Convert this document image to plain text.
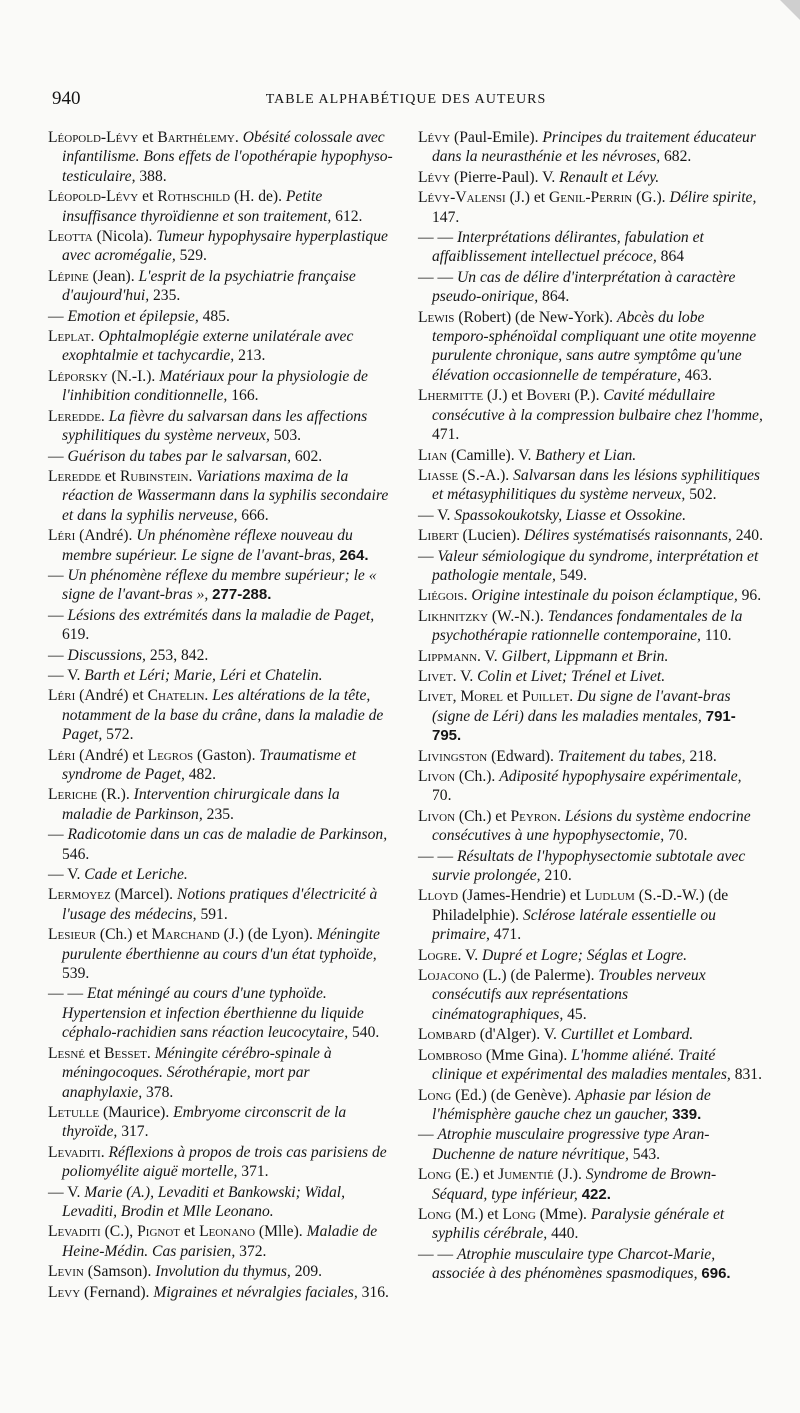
940	TABLE ALPHABÉTIQUE DES AUTEURS
Léopold-Lévy et Barthélemy. Obésité colossale avec infantilisme. Bons effets de l'opothérapie hypophyso-testiculaire, 388.
Léopold-Lévy et Rothschild (H. de). Petite insuffisance thyroïdienne et son traitement, 612.
Leotta (Nicola). Tumeur hypophysaire hyperplastique avec acromégalie, 529.
Lépine (Jean). L'esprit de la psychiatrie française d'aujourd'hui, 235.
— Emotion et épilepsie, 485.
Leplat. Ophtalmoplégie externe unilatérale avec exophtalmie et tachycardie, 213.
Léporsky (N.-I.). Matériaux pour la physiologie de l'inhibition conditionnelle, 166.
Leredde. La fièvre du salvarsan dans les affections syphilitiques du système nerveux, 503.
— Guérison du tabes par le salvarsan, 602.
Leredde et Rubinstein. Variations maxima de la réaction de Wassermann dans la syphilis secondaire et dans la syphilis nerveuse, 666.
Léri (André). Un phénomène réflexe nouveau du membre supérieur. Le signe de l'avant-bras, 264.
— Un phénomène réflexe du membre supérieur; le « signe de l'avant-bras », 277-288.
— Lésions des extrémités dans la maladie de Paget, 619.
— Discussions, 253, 842.
— V. Barth et Léri; Marie, Léri et Chatelin.
Léri (André) et Chatelin. Les altérations de la tête, notamment de la base du crâne, dans la maladie de Paget, 572.
Léri (André) et Legros (Gaston). Traumatisme et syndrome de Paget, 482.
Leriche (R.). Intervention chirurgicale dans la maladie de Parkinson, 235.
— Radicotomie dans un cas de maladie de Parkinson, 546.
— V. Cade et Leriche.
Lermoyez (Marcel). Notions pratiques d'électricité à l'usage des médecins, 591.
Lesieur (Ch.) et Marchand (J.) (de Lyon). Méningite purulente éberthienne au cours d'un état typhoïde, 539.
— — Etat méningé au cours d'une typhoïde. Hypertension et infection éberthienne du liquide céphalo-rachidien sans réaction leucocytaire, 540.
Lesné et Besset. Méningite cérébro-spinale à méningocoques. Sérothérapie, mort par anaphylaxie, 378.
Letulle (Maurice). Embryome circonscrit de la thyroïde, 317.
Levaditi. Réflexions à propos de trois cas parisiens de poliomyélite aiguë mortelle, 371.
— V. Marie (A.), Levaditi et Bankowski; Widal, Levaditi, Brodin et Mlle Leonano.
Levaditi (C.), Pignot et Leonano (Mlle). Maladie de Heine-Médin. Cas parisien, 372.
Levin (Samson). Involution du thymus, 209.
Levy (Fernand). Migraines et névralgies faciales, 316.
Lévy (Paul-Emile). Principes du traitement éducateur dans la neurasthénie et les névroses, 682.
Lévy (Pierre-Paul). V. Renault et Lévy.
Lévy-Valensi (J.) et Genil-Perrin (G.). Délire spirite, 147.
— — Interprétations délirantes, fabulation et affaiblissement intellectuel précoce, 864
— — Un cas de délire d'interprétation à caractère pseudo-onirique, 864.
Lewis (Robert) (de New-York). Abcès du lobe temporo-sphénoïdal compliquant une otite moyenne purulente chronique, sans autre symptôme qu'une élévation occasionnelle de température, 463.
Lhermitte (J.) et Boveri (P.). Cavité médullaire consécutive à la compression bulbaire chez l'homme, 471.
Lian (Camille). V. Bathery et Lian.
Liasse (S.-A.). Salvarsan dans les lésions syphilitiques et métasyphilitiques du système nerveux, 502.
— V. Spassokoukotsky, Liasse et Ossokine.
Libert (Lucien). Délires systématisés raisonnants, 240.
— Valeur sémiologique du syndrome, interprétation et pathologie mentale, 549.
Liégois. Origine intestinale du poison éclamptique, 96.
Likhnitzky (W.-N.). Tendances fondamentales de la psychothérapie rationnelle contemporaine, 110.
Lippmann. V. Gilbert, Lippmann et Brin.
Livet. V. Colin et Livet; Trénel et Livet.
Livet, Morel et Puillet. Du signe de l'avant-bras (signe de Léri) dans les maladies mentales, 791-795.
Livingston (Edward). Traitement du tabes, 218.
Livon (Ch.). Adiposité hypophysaire expérimentale, 70.
Livon (Ch.) et Peyron. Lésions du système endocrine consécutives à une hypophysectomie, 70.
— — Résultats de l'hypophysectomie subtotale avec survie prolongée, 210.
Lloyd (James-Hendrie) et Ludlum (S.-D.-W.) (de Philadelphie). Sclérose latérale essentielle ou primaire, 471.
Logre. V. Dupré et Logre; Séglas et Logre.
Lojacono (L.) (de Palerme). Troubles nerveux consécutifs aux représentations cinématographiques, 45.
Lombard (d'Alger). V. Curtillet et Lombard.
Lombroso (Mme Gina). L'homme aliéné. Traité clinique et expérimental des maladies mentales, 831.
Long (Ed.) (de Genève). Aphasie par lésion de l'hémisphère gauche chez un gaucher, 339.
— Atrophie musculaire progressive type Aran-Duchenne de nature névritique, 543.
Long (E.) et Jumentié (J.). Syndrome de Brown-Séquard, type inférieur, 422.
Long (M.) et Long (Mme). Paralysie générale et syphilis cérébrale, 440.
— — Atrophie musculaire type Charcot-Marie, associée à des phénomènes spasmodiques, 696.
